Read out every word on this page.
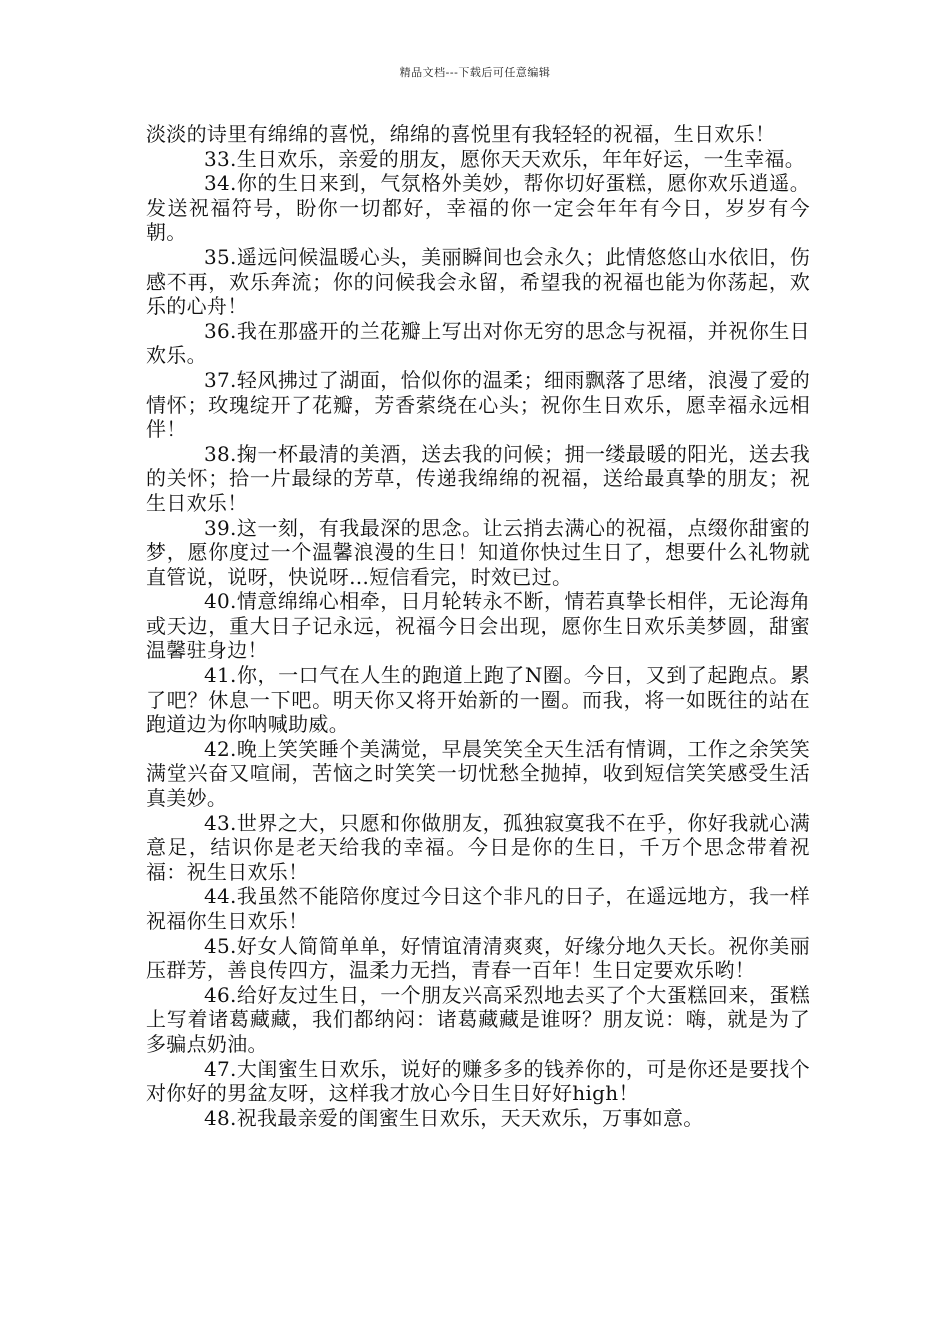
精品文档---下载后可任意编辑

淡淡的诗里有绵绵的喜悦，绵绵的喜悦里有我轻轻的祝福，生日欢乐！

33.生日欢乐，亲爱的朋友，愿你天天欢乐，年年好运，一生幸福。

34.你的生日来到，气氛格外美妙，帮你切好蛋糕，愿你欢乐逍遥。发送祝福符号，盼你一切都好，幸福的你一定会年年有今日，岁岁有今朝。

35.遥远问候温暖心头，美丽瞬间也会永久；此情悠悠山水依旧，伤感不再，欢乐奔流；你的问候我会永留，希望我的祝福也能为你荡起，欢乐的心舟！

36.我在那盛开的兰花瓣上写出对你无穷的思念与祝福，并祝你生日欢乐。

37.轻风拂过了湖面，恰似你的温柔；细雨飘落了思绪，浪漫了爱的情怀；玫瑰绽开了花瓣，芳香萦绕在心头；祝你生日欢乐，愿幸福永远相伴！

38.掬一杯最清的美酒，送去我的问候；拥一缕最暖的阳光，送去我的关怀；拾一片最绿的芳草，传递我绵绵的祝福，送给最真挚的朋友；祝生日欢乐！

39.这一刻，有我最深的思念。让云捎去满心的祝福，点缀你甜蜜的梦，愿你度过一个温馨浪漫的生日！知道你快过生日了，想要什么礼物就直管说，说呀，快说呀…短信看完，时效已过。

40.情意绵绵心相牵，日月轮转永不断，情若真挚长相伴，无论海角或天边，重大日子记永远，祝福今日会出现，愿你生日欢乐美梦圆，甜蜜温馨驻身边！

41.你，一口气在人生的跑道上跑了N圈。今日，又到了起跑点。累了吧？休息一下吧。明天你又将开始新的一圈。而我，将一如既往的站在跑道边为你呐喊助威。

42.晚上笑笑睡个美满觉，早晨笑笑全天生活有情调，工作之余笑笑满堂兴奋又喧闹，苦恼之时笑笑一切忧愁全抛掉，收到短信笑笑感受生活真美妙。

43.世界之大，只愿和你做朋友，孤独寂寞我不在乎，你好我就心满意足，结识你是老天给我的幸福。今日是你的生日，千万个思念带着祝福：祝生日欢乐！

44.我虽然不能陪你度过今日这个非凡的日子，在遥远地方，我一样祝福你生日欢乐！

45.好女人简简单单，好情谊清清爽爽，好缘分地久天长。祝你美丽压群芳，善良传四方，温柔力无挡，青春一百年！生日定要欢乐哟！

46.给好友过生日，一个朋友兴高采烈地去买了个大蛋糕回来，蛋糕上写着诸葛藏藏，我们都纳闷：诸葛藏藏是谁呀？朋友说：嗨，就是为了多骗点奶油。

47.大闺蜜生日欢乐，说好的赚多多的钱养你的，可是你还是要找个对你好的男盆友呀，这样我才放心今日生日好好high！

48.祝我最亲爱的闺蜜生日欢乐，天天欢乐，万事如意。
